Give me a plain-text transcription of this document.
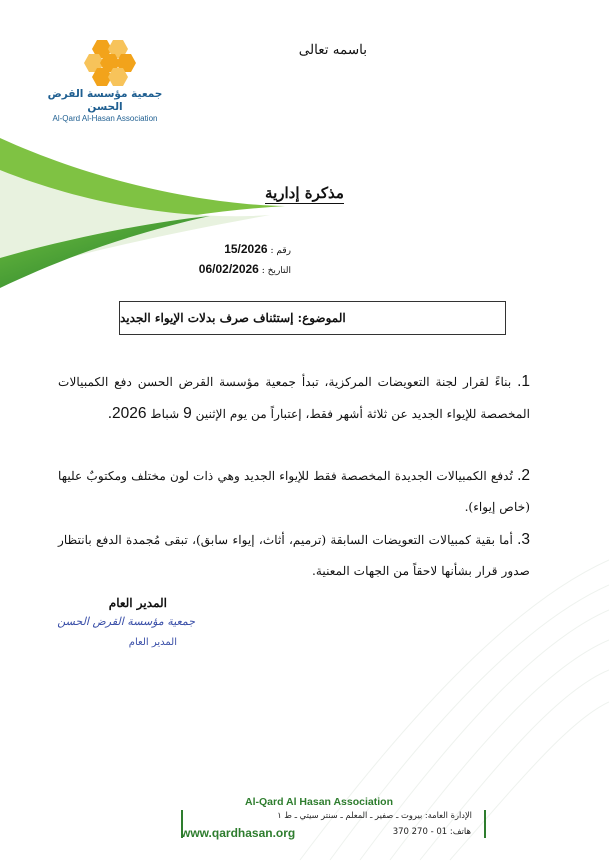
جمعية مؤسسة القرض الحسن
Al-Qard Al-Hasan Association
باسمه تعالى
مذكرة إدارية
رقم : 15/2026
التاريخ : 06/02/2026
الموضوع: إستئناف صرف بدلات الإيواء الجديد
1. بناءً لقرار لجنة التعويضات المركزية، تبدأ جمعية مؤسسة القرض الحسن دفع الكمبيالات المخصصة للإيواء الجديد عن ثلاثة أشهر فقط، إعتباراً من يوم الإثنين 9 شباط 2026.
2. تُدفع الكمبيالات الجديدة المخصصة فقط للإيواء الجديد وهي ذات لون مختلف ومكتوبٌ عليها (خاص إيواء).
3. أما بقية كمبيالات التعويضات السابقة (ترميم، أثاث، إيواء سابق)، تبقى مُجمدة الدفع بانتظار صدور قرار بشأنها لاحقاً من الجهات المعنية.
المدير العام
جمعية مؤسسة القرض الحسن
المدير العام
Al-Qard Al Hasan Association
الإدارة العامة: بيروت ـ صفير ـ المعلم ـ سنتر سيتي ـ ط ١
www.qardhasan.org	هاتف: 01 - 270 370
